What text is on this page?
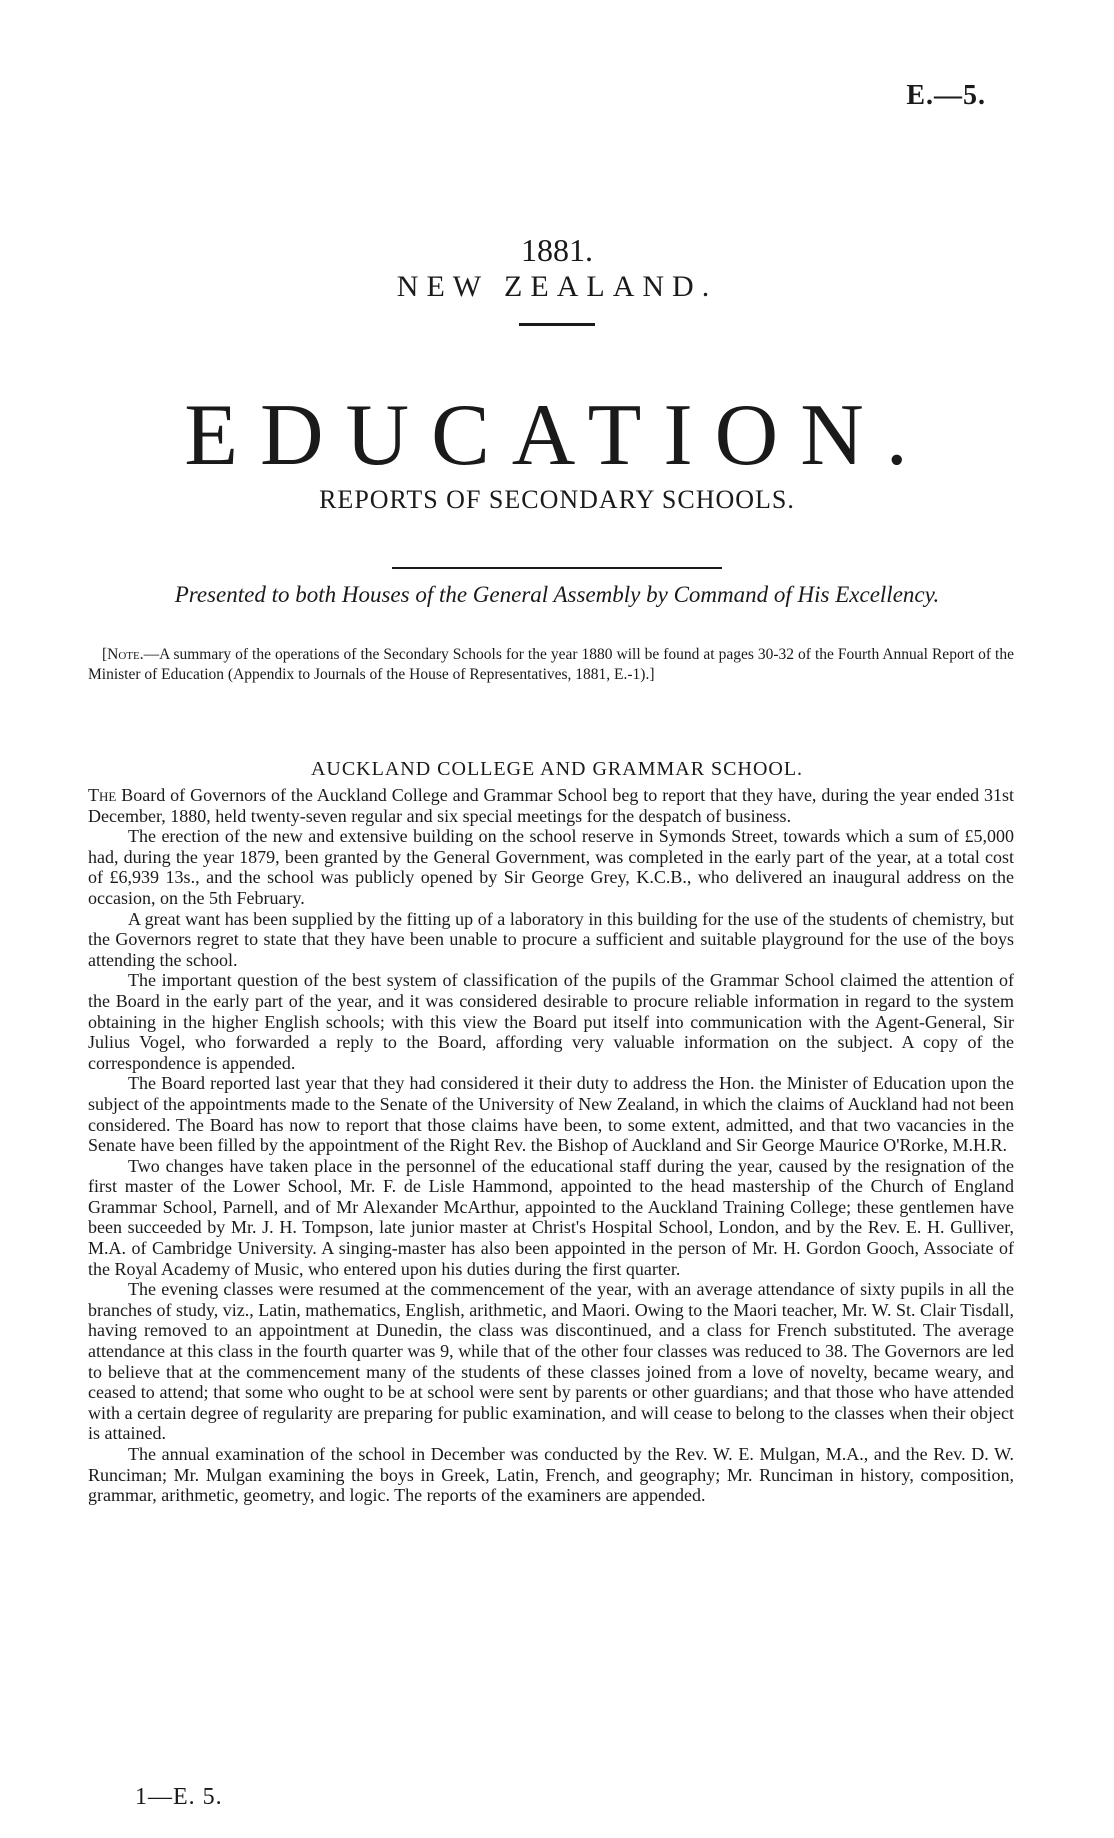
E.—5.
1881.
NEW ZEALAND.
EDUCATION.
REPORTS OF SECONDARY SCHOOLS.
Presented to both Houses of the General Assembly by Command of His Excellency.

[Note.—A summary of the operations of the Secondary Schools for the year 1880 will be found at pages 30-32 of the Fourth Annual Report of the Minister of Education (Appendix to Journals of the House of Representatives, 1881, E.-1).]

AUCKLAND COLLEGE AND GRAMMAR SCHOOL.

The Board of Governors of the Auckland College and Grammar School beg to report that they have, during the year ended 31st December, 1880, held twenty-seven regular and six special meetings for the despatch of business.

The erection of the new and extensive building on the school reserve in Symonds Street, towards which a sum of £5,000 had, during the year 1879, been granted by the General Government, was completed in the early part of the year, at a total cost of £6,939 13s., and the school was publicly opened by Sir George Grey, K.C.B., who delivered an inaugural address on the occasion, on the 5th February.

A great want has been supplied by the fitting up of a laboratory in this building for the use of the students of chemistry, but the Governors regret to state that they have been unable to procure a sufficient and suitable playground for the use of the boys attending the school.

The important question of the best system of classification of the pupils of the Grammar School claimed the attention of the Board in the early part of the year, and it was considered desirable to procure reliable information in regard to the system obtaining in the higher English schools; with this view the Board put itself into communication with the Agent-General, Sir Julius Vogel, who forwarded a reply to the Board, affording very valuable information on the subject. A copy of the correspondence is appended.

The Board reported last year that they had considered it their duty to address the Hon. the Minister of Education upon the subject of the appointments made to the Senate of the University of New Zealand, in which the claims of Auckland had not been considered. The Board has now to report that those claims have been, to some extent, admitted, and that two vacancies in the Senate have been filled by the appointment of the Right Rev. the Bishop of Auckland and Sir George Maurice O'Rorke, M.H.R.

Two changes have taken place in the personnel of the educational staff during the year, caused by the resignation of the first master of the Lower School, Mr. F. de Lisle Hammond, appointed to the head mastership of the Church of England Grammar School, Parnell, and of Mr Alexander McArthur, appointed to the Auckland Training College; these gentlemen have been succeeded by Mr. J. H. Tompson, late junior master at Christ's Hospital School, London, and by the Rev. E. H. Gulliver, M.A. of Cambridge University. A singing-master has also been appointed in the person of Mr. H. Gordon Gooch, Associate of the Royal Academy of Music, who entered upon his duties during the first quarter.

The evening classes were resumed at the commencement of the year, with an average attendance of sixty pupils in all the branches of study, viz., Latin, mathematics, English, arithmetic, and Maori. Owing to the Maori teacher, Mr. W. St. Clair Tisdall, having removed to an appointment at Dunedin, the class was discontinued, and a class for French substituted. The average attendance at this class in the fourth quarter was 9, while that of the other four classes was reduced to 38. The Governors are led to believe that at the commencement many of the students of these classes joined from a love of novelty, became weary, and ceased to attend; that some who ought to be at school were sent by parents or other guardians; and that those who have attended with a certain degree of regularity are preparing for public examination, and will cease to belong to the classes when their object is attained.

The annual examination of the school in December was conducted by the Rev. W. E. Mulgan, M.A., and the Rev. D. W. Runciman; Mr. Mulgan examining the boys in Greek, Latin, French, and geography; Mr. Runciman in history, composition, grammar, arithmetic, geometry, and logic. The reports of the examiners are appended.

1—E. 5.
